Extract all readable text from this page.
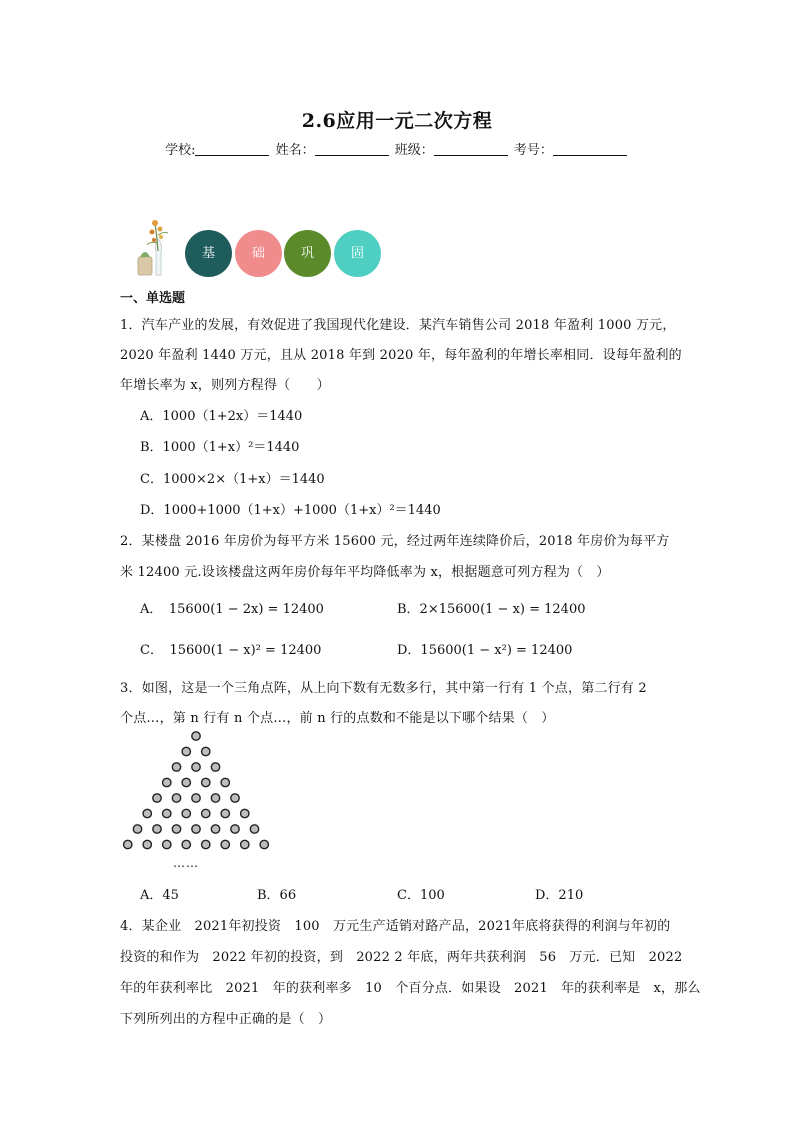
2.6应用一元二次方程
学校:	姓名：	班级：	考号：
基	础	巩	固
一、单选题
1．汽车产业的发展，有效促进了我国现代化建设．某汽车销售公司 2018 年盈利 1000 万元，
2020 年盈利 1440 万元，且从 2018 年到 2020 年，每年盈利的年增长率相同．设每年盈利的
年增长率为 x，则列方程得（　　）
A．1000（1+2x）＝1440
B．1000（1+x）²＝1440
C．1000×2×（1+x）＝1440
D．1000+1000（1+x）+1000（1+x）²＝1440
2．某楼盘 2016 年房价为每平方米 15600 元，经过两年连续降价后，2018 年房价为每平方
米 12400 元.设该楼盘这两年房价每年平均降低率为 x，根据题意可列方程为（　）
A．　15600(1 − 2x) = 12400	B．2×15600(1 − x) = 12400
C．　15600(1 − x)² = 12400	D．15600(1 − x²) = 12400
3．如图，这是一个三角点阵，从上向下数有无数多行，其中第一行有 1 个点，第二行有 2
个点…，第 n 行有 n 个点…，前 n 行的点数和不能是以下哪个结果（　）
……
A．45	B．66	C．100	D．210
4．某企业　2021年初投资　100　万元生产适销对路产品，2021年底将获得的利润与年初的
投资的和作为　2022 年初的投资，到　2022 2 年底，两年共获利润　56　万元．已知　2022
年的年获利率比　2021　年的获利率多　10　个百分点．如果设　2021　年的获利率是　x，那么
下列所列出的方程中正确的是（　）
